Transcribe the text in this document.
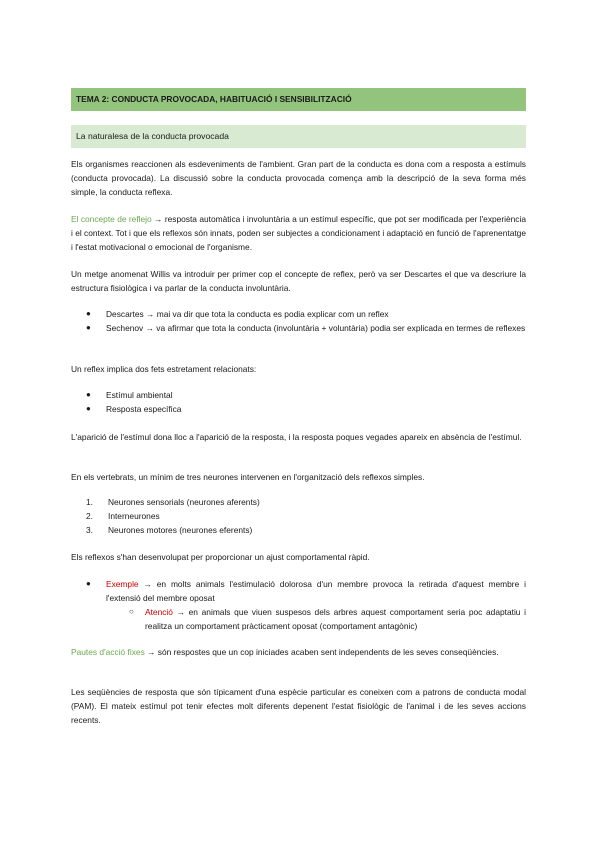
TEMA 2: CONDUCTA PROVOCADA, HABITUACIÓ I SENSIBILITZACIÓ
La naturalesa de la conducta provocada
Els organismes reaccionen als esdeveniments de l'ambient. Gran part de la conducta es dona com a resposta a estímuls (conducta provocada). La discussió sobre la conducta provocada comença amb la descripció de la seva forma més simple, la conducta reflexa.
El concepte de reflejo → resposta automàtica i involuntària a un estímul específic, que pot ser modificada per l'experiència i el context. Tot i que els reflexos són innats, poden ser subjectes a condicionament i adaptació en funció de l'aprenentatge i l'estat motivacional o emocional de l'organisme.
Un metge anomenat Willis va introduir per primer cop el concepte de reflex, però va ser Descartes el que va descriure la estructura fisiològica i va parlar de la conducta involuntària.
● Descartes → mai va dir que tota la conducta es podia explicar com un reflex
● Sechenov → va afirmar que tota la conducta (involuntària + voluntària) podia ser explicada en termes de reflexes
Un reflex implica dos fets estretament relacionats:
● Estímul ambiental
● Resposta específica
L'aparició de l'estímul dona lloc a l'aparició de la resposta, i la resposta poques vegades apareix en absència de l'estímul.
En els vertebrats, un mínim de tres neurones intervenen en l'organització dels reflexos simples.
1. Neurones sensorials (neurones aferents)
2. Interneurones
3. Neurones motores (neurones eferents)
Els reflexos s'han desenvolupat per proporcionar un ajust comportamental ràpid.
● Exemple → en molts animals l'estimulació dolorosa d'un membre provoca la retirada d'aquest membre i l'extensió del membre oposat
○ Atenció → en animals que viuen suspesos dels arbres aquest comportament seria poc adaptatiu i realitza un comportament pràcticament oposat (comportament antagònic)
Pautes d'acció fixes → són respostes que un cop iniciades acaben sent independents de les seves conseqüències.
Les seqüències de resposta que són típicament d'una espècie particular es coneixen com a patrons de conducta modal (PAM). El mateix estímul pot tenir efectes molt diferents depenent l'estat fisiològic de l'animal i de les seves accions recents.
